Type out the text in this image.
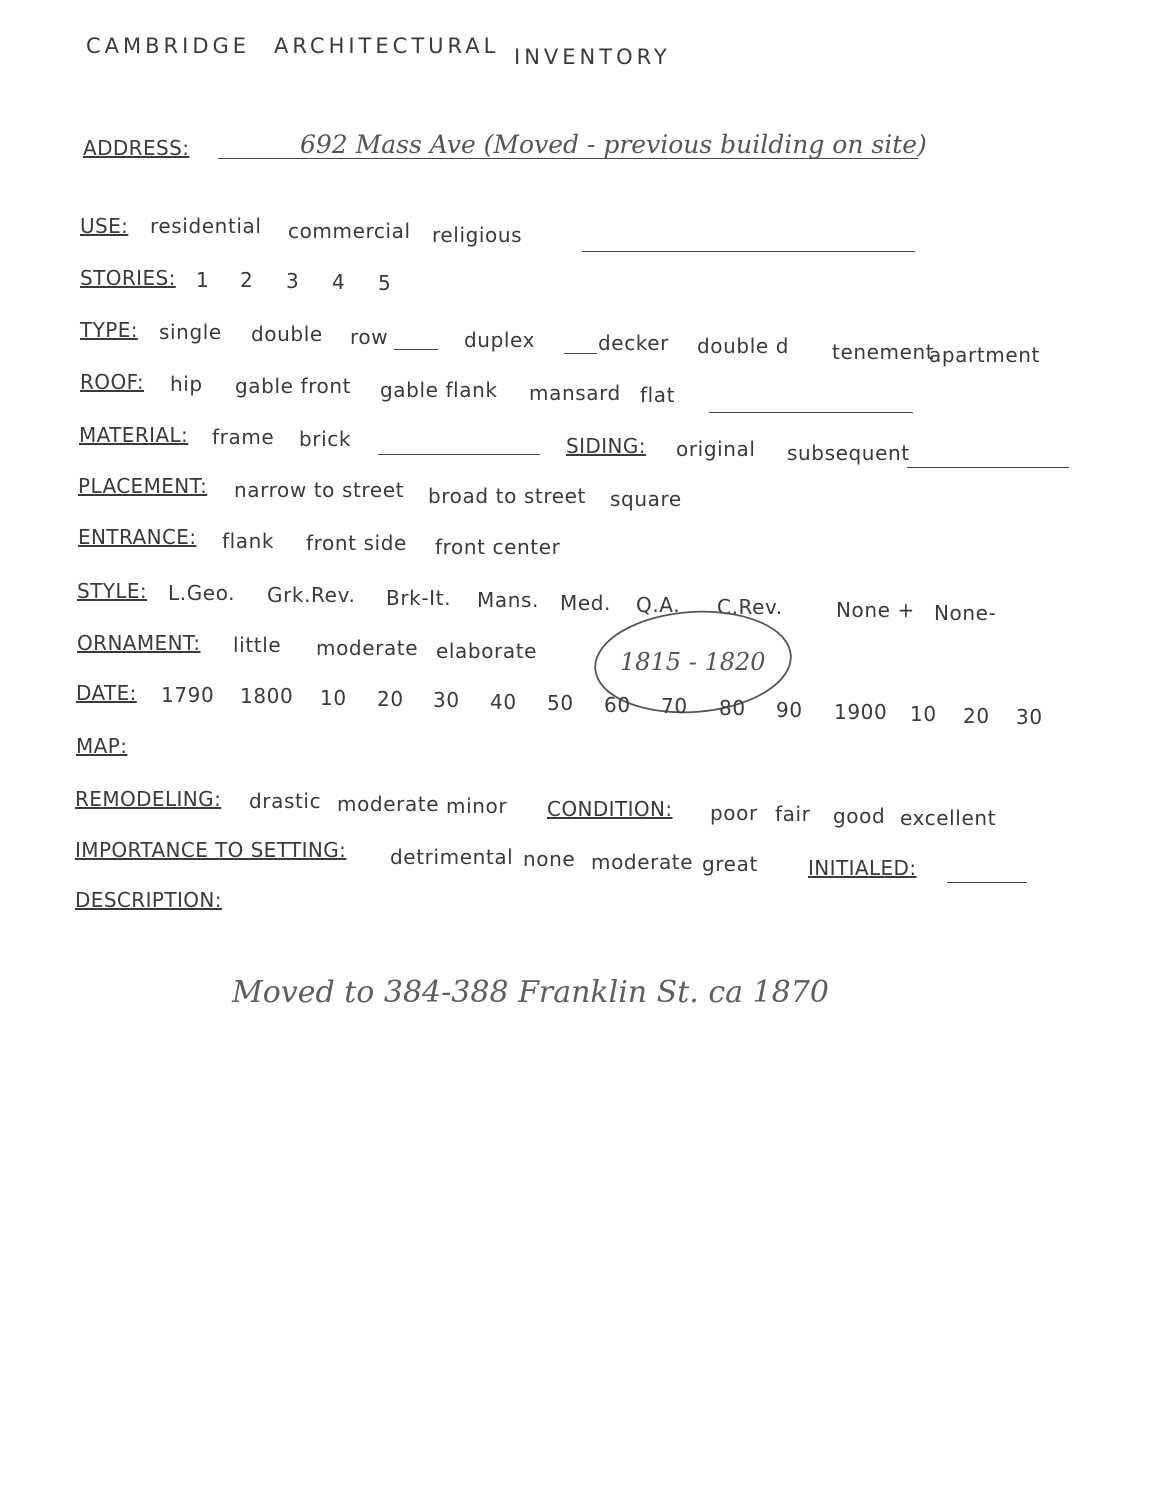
CAMBRIDGE ARCHITECTURAL INVENTORY
ADDRESS:	692 Mass Ave (Moved - previous building on site)
USE: residential commercial religious
STORIES: 1 2 3 4 5
TYPE: single double row	duplex	decker double d tenement
apartment
ROOF: hip gable front gable flank mansard flat
MATERIAL: frame brick	SIDING: original subsequent
PLACEMENT: narrow to street broad to street square
ENTRANCE: flank front side front center
STYLE: L.Geo. Grk.Rev. Brk-It. Mans. Med. Q.A. C.Rev.	None + None-
ORNAMENT: little moderate elaborate	1815 - 1820
DATE: 1790 1800 10 20 30 40 50 60 70 80 90 1900 10 20 30
MAP:
REMODELING: drastic moderate minor CONDITION: poor fair good excellent
IMPORTANCE TO SETTING: detrimental none moderate great	INITIALED:
DESCRIPTION:
Moved to 384-388 Franklin St. ca 1870
